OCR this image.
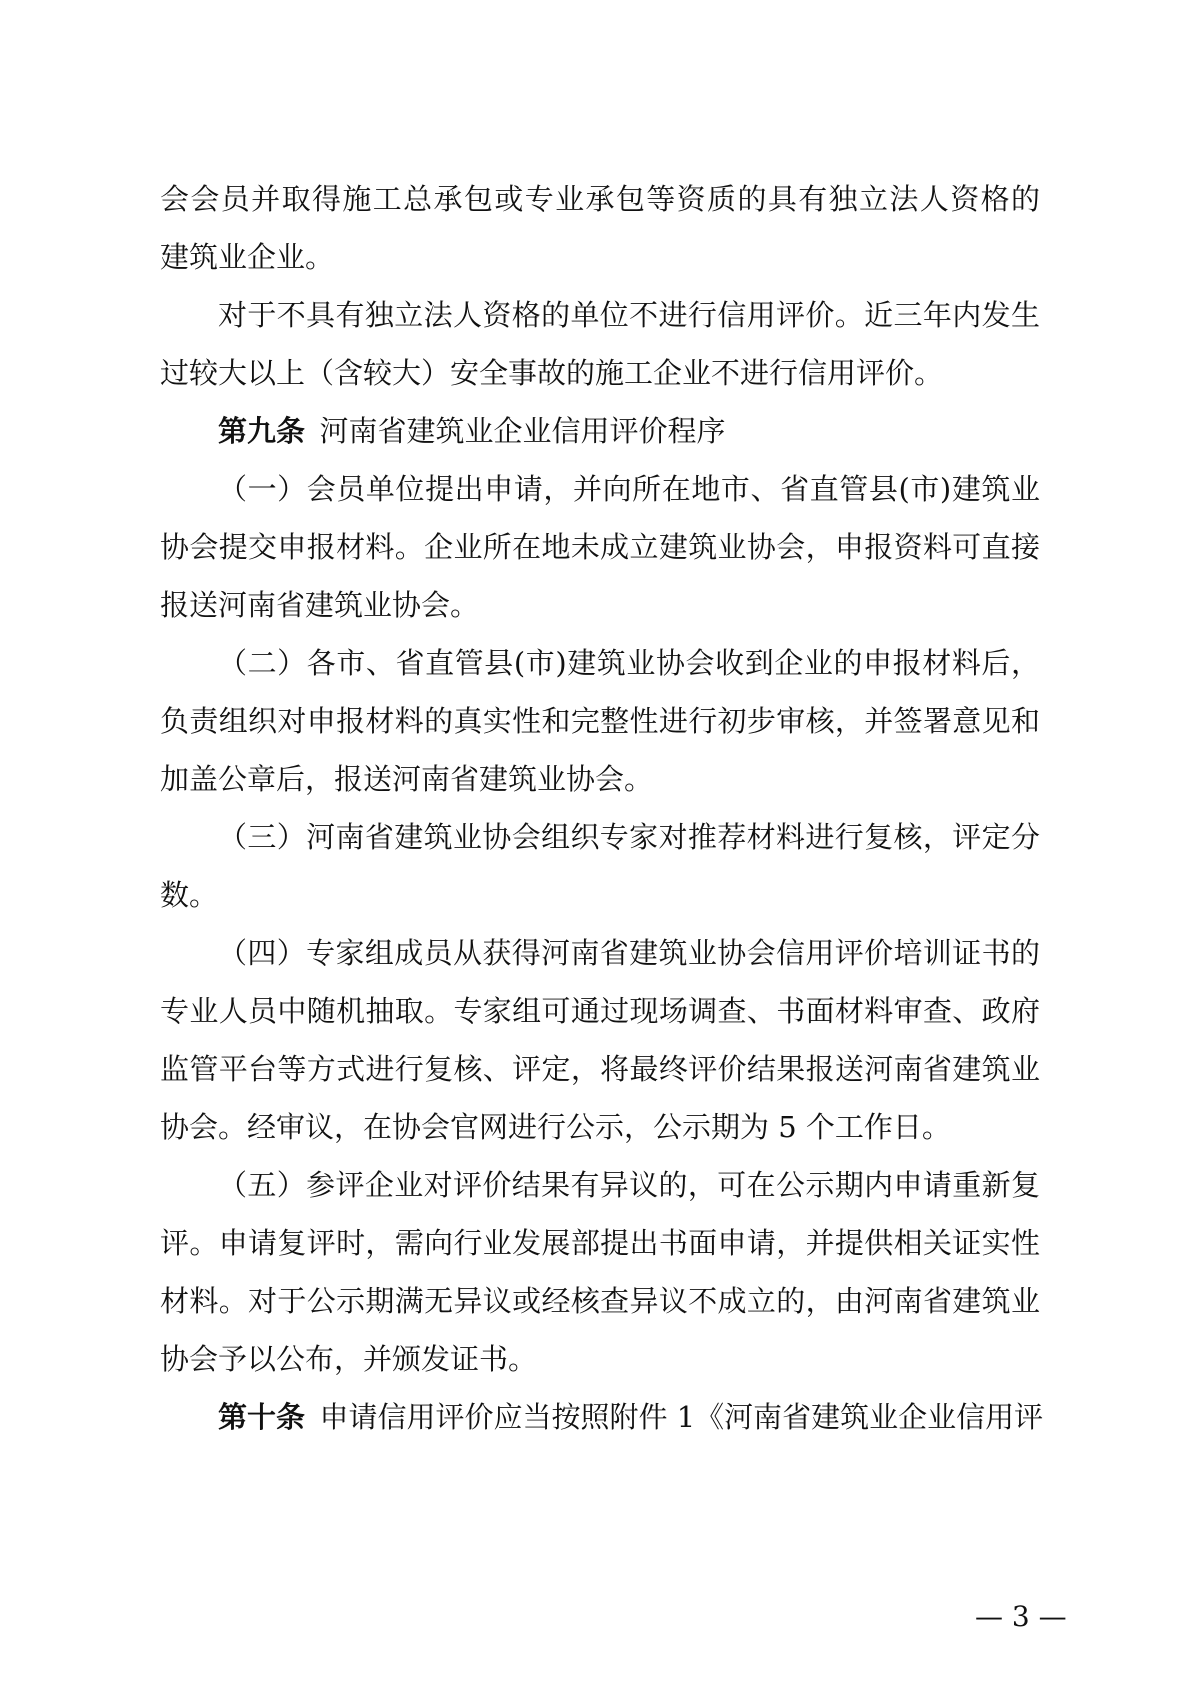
会会员并取得施工总承包或专业承包等资质的具有独立法人资格的
建筑业企业。
对于不具有独立法人资格的单位不进行信用评价。近三年内发生
过较大以上（含较大）安全事故的施工企业不进行信用评价。
第九条  河南省建筑业企业信用评价程序
（一）会员单位提出申请，并向所在地市、省直管县(市)建筑业
协会提交申报材料。企业所在地未成立建筑业协会，申报资料可直接
报送河南省建筑业协会。
（二）各市、省直管县(市)建筑业协会收到企业的申报材料后，
负责组织对申报材料的真实性和完整性进行初步审核，并签署意见和
加盖公章后，报送河南省建筑业协会。
（三）河南省建筑业协会组织专家对推荐材料进行复核，评定分
数。
（四）专家组成员从获得河南省建筑业协会信用评价培训证书的
专业人员中随机抽取。专家组可通过现场调查、书面材料审查、政府
监管平台等方式进行复核、评定，将最终评价结果报送河南省建筑业
协会。经审议，在协会官网进行公示，公示期为 5 个工作日。
（五）参评企业对评价结果有异议的，可在公示期内申请重新复
评。申请复评时，需向行业发展部提出书面申请，并提供相关证实性
材料。对于公示期满无异议或经核查异议不成立的，由河南省建筑业
协会予以公布，并颁发证书。
第十条  申请信用评价应当按照附件 1《河南省建筑业企业信用评
— 3 —
